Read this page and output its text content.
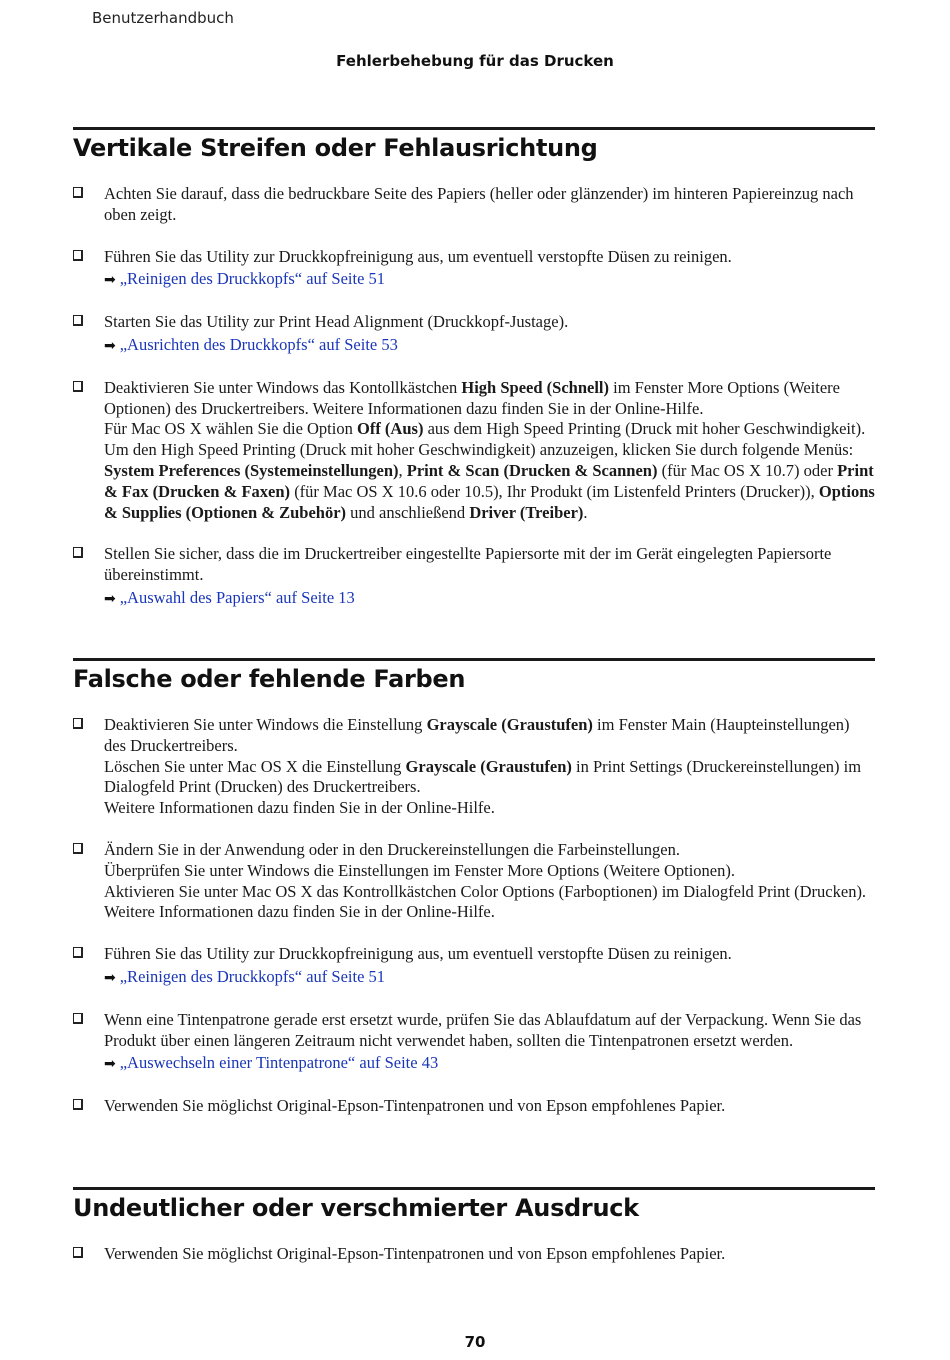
Benutzerhandbuch
Fehlerbehebung für das Drucken
Vertikale Streifen oder Fehlausrichtung
Achten Sie darauf, dass die bedruckbare Seite des Papiers (heller oder glänzender) im hinteren Papiereinzug nach oben zeigt.
Führen Sie das Utility zur Druckkopfreinigung aus, um eventuell verstopfte Düsen zu reinigen.
➡ „Reinigen des Druckkopfs“ auf Seite 51
Starten Sie das Utility zur Print Head Alignment (Druckkopf-Justage).
➡ „Ausrichten des Druckkopfs“ auf Seite 53
Deaktivieren Sie unter Windows das Kontollkästchen High Speed (Schnell) im Fenster More Options (Weitere Optionen) des Druckertreibers. Weitere Informationen dazu finden Sie in der Online-Hilfe.
Für Mac OS X wählen Sie die Option Off (Aus) aus dem High Speed Printing (Druck mit hoher Geschwindigkeit). Um den High Speed Printing (Druck mit hoher Geschwindigkeit) anzuzeigen, klicken Sie durch folgende Menüs: System Preferences (Systemeinstellungen), Print & Scan (Drucken & Scannen) (für Mac OS X 10.7) oder Print & Fax (Drucken & Faxen) (für Mac OS X 10.6 oder 10.5), Ihr Produkt (im Listenfeld Printers (Drucker)), Options & Supplies (Optionen & Zubehör) und anschließend Driver (Treiber).
Stellen Sie sicher, dass die im Druckertreiber eingestellte Papiersorte mit der im Gerät eingelegten Papiersorte übereinstimmt.
➡ „Auswahl des Papiers“ auf Seite 13
Falsche oder fehlende Farben
Deaktivieren Sie unter Windows die Einstellung Grayscale (Graustufen) im Fenster Main (Haupteinstellungen) des Druckertreibers.
Löschen Sie unter Mac OS X die Einstellung Grayscale (Graustufen) in Print Settings (Druckereinstellungen) im Dialogfeld Print (Drucken) des Druckertreibers.
Weitere Informationen dazu finden Sie in der Online-Hilfe.
Ändern Sie in der Anwendung oder in den Druckereinstellungen die Farbeinstellungen.
Überprüfen Sie unter Windows die Einstellungen im Fenster More Options (Weitere Optionen).
Aktivieren Sie unter Mac OS X das Kontrollkästchen Color Options (Farboptionen) im Dialogfeld Print (Drucken).
Weitere Informationen dazu finden Sie in der Online-Hilfe.
Führen Sie das Utility zur Druckkopfreinigung aus, um eventuell verstopfte Düsen zu reinigen.
➡ „Reinigen des Druckkopfs“ auf Seite 51
Wenn eine Tintenpatrone gerade erst ersetzt wurde, prüfen Sie das Ablaufdatum auf der Verpackung. Wenn Sie das Produkt über einen längeren Zeitraum nicht verwendet haben, sollten die Tintenpatronen ersetzt werden.
➡ „Auswechseln einer Tintenpatrone“ auf Seite 43
Verwenden Sie möglichst Original-Epson-Tintenpatronen und von Epson empfohlenes Papier.
Undeutlicher oder verschmierter Ausdruck
Verwenden Sie möglichst Original-Epson-Tintenpatronen und von Epson empfohlenes Papier.
70
